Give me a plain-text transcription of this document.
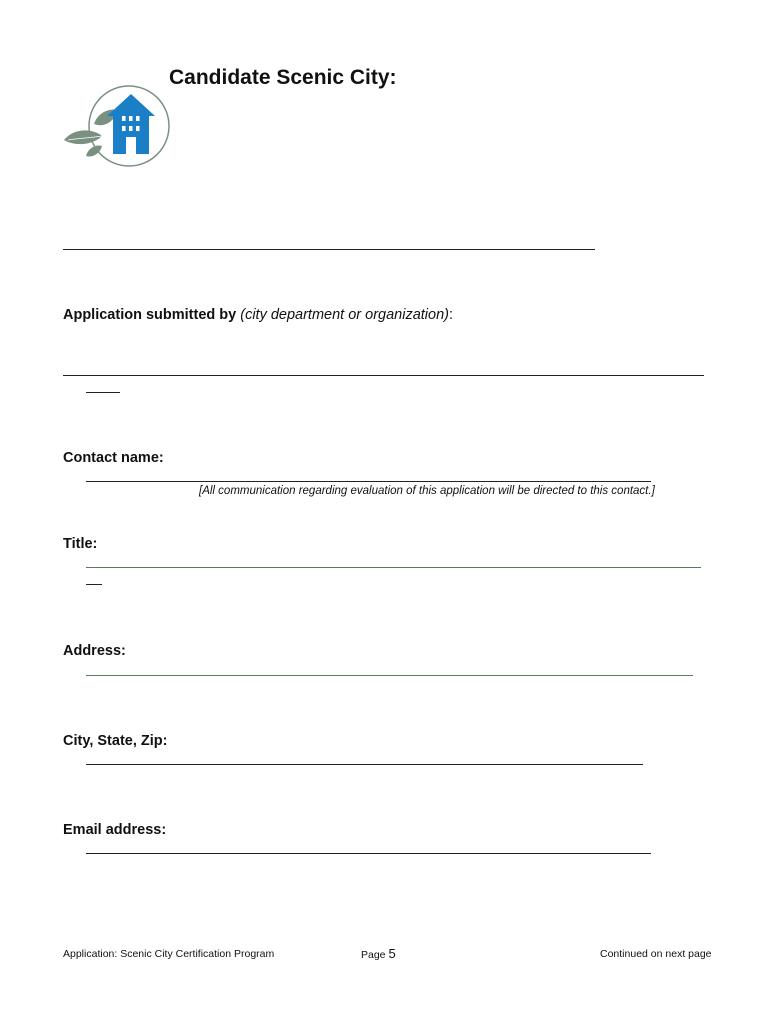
Candidate Scenic City:
Application submitted by (city department or organization):
Contact name:
[All communication regarding evaluation of this application will be directed to this contact.]
Title:
Address:
City, State, Zip:
Email address:
Application: Scenic City Certification Program	Page 5	Continued on next page
